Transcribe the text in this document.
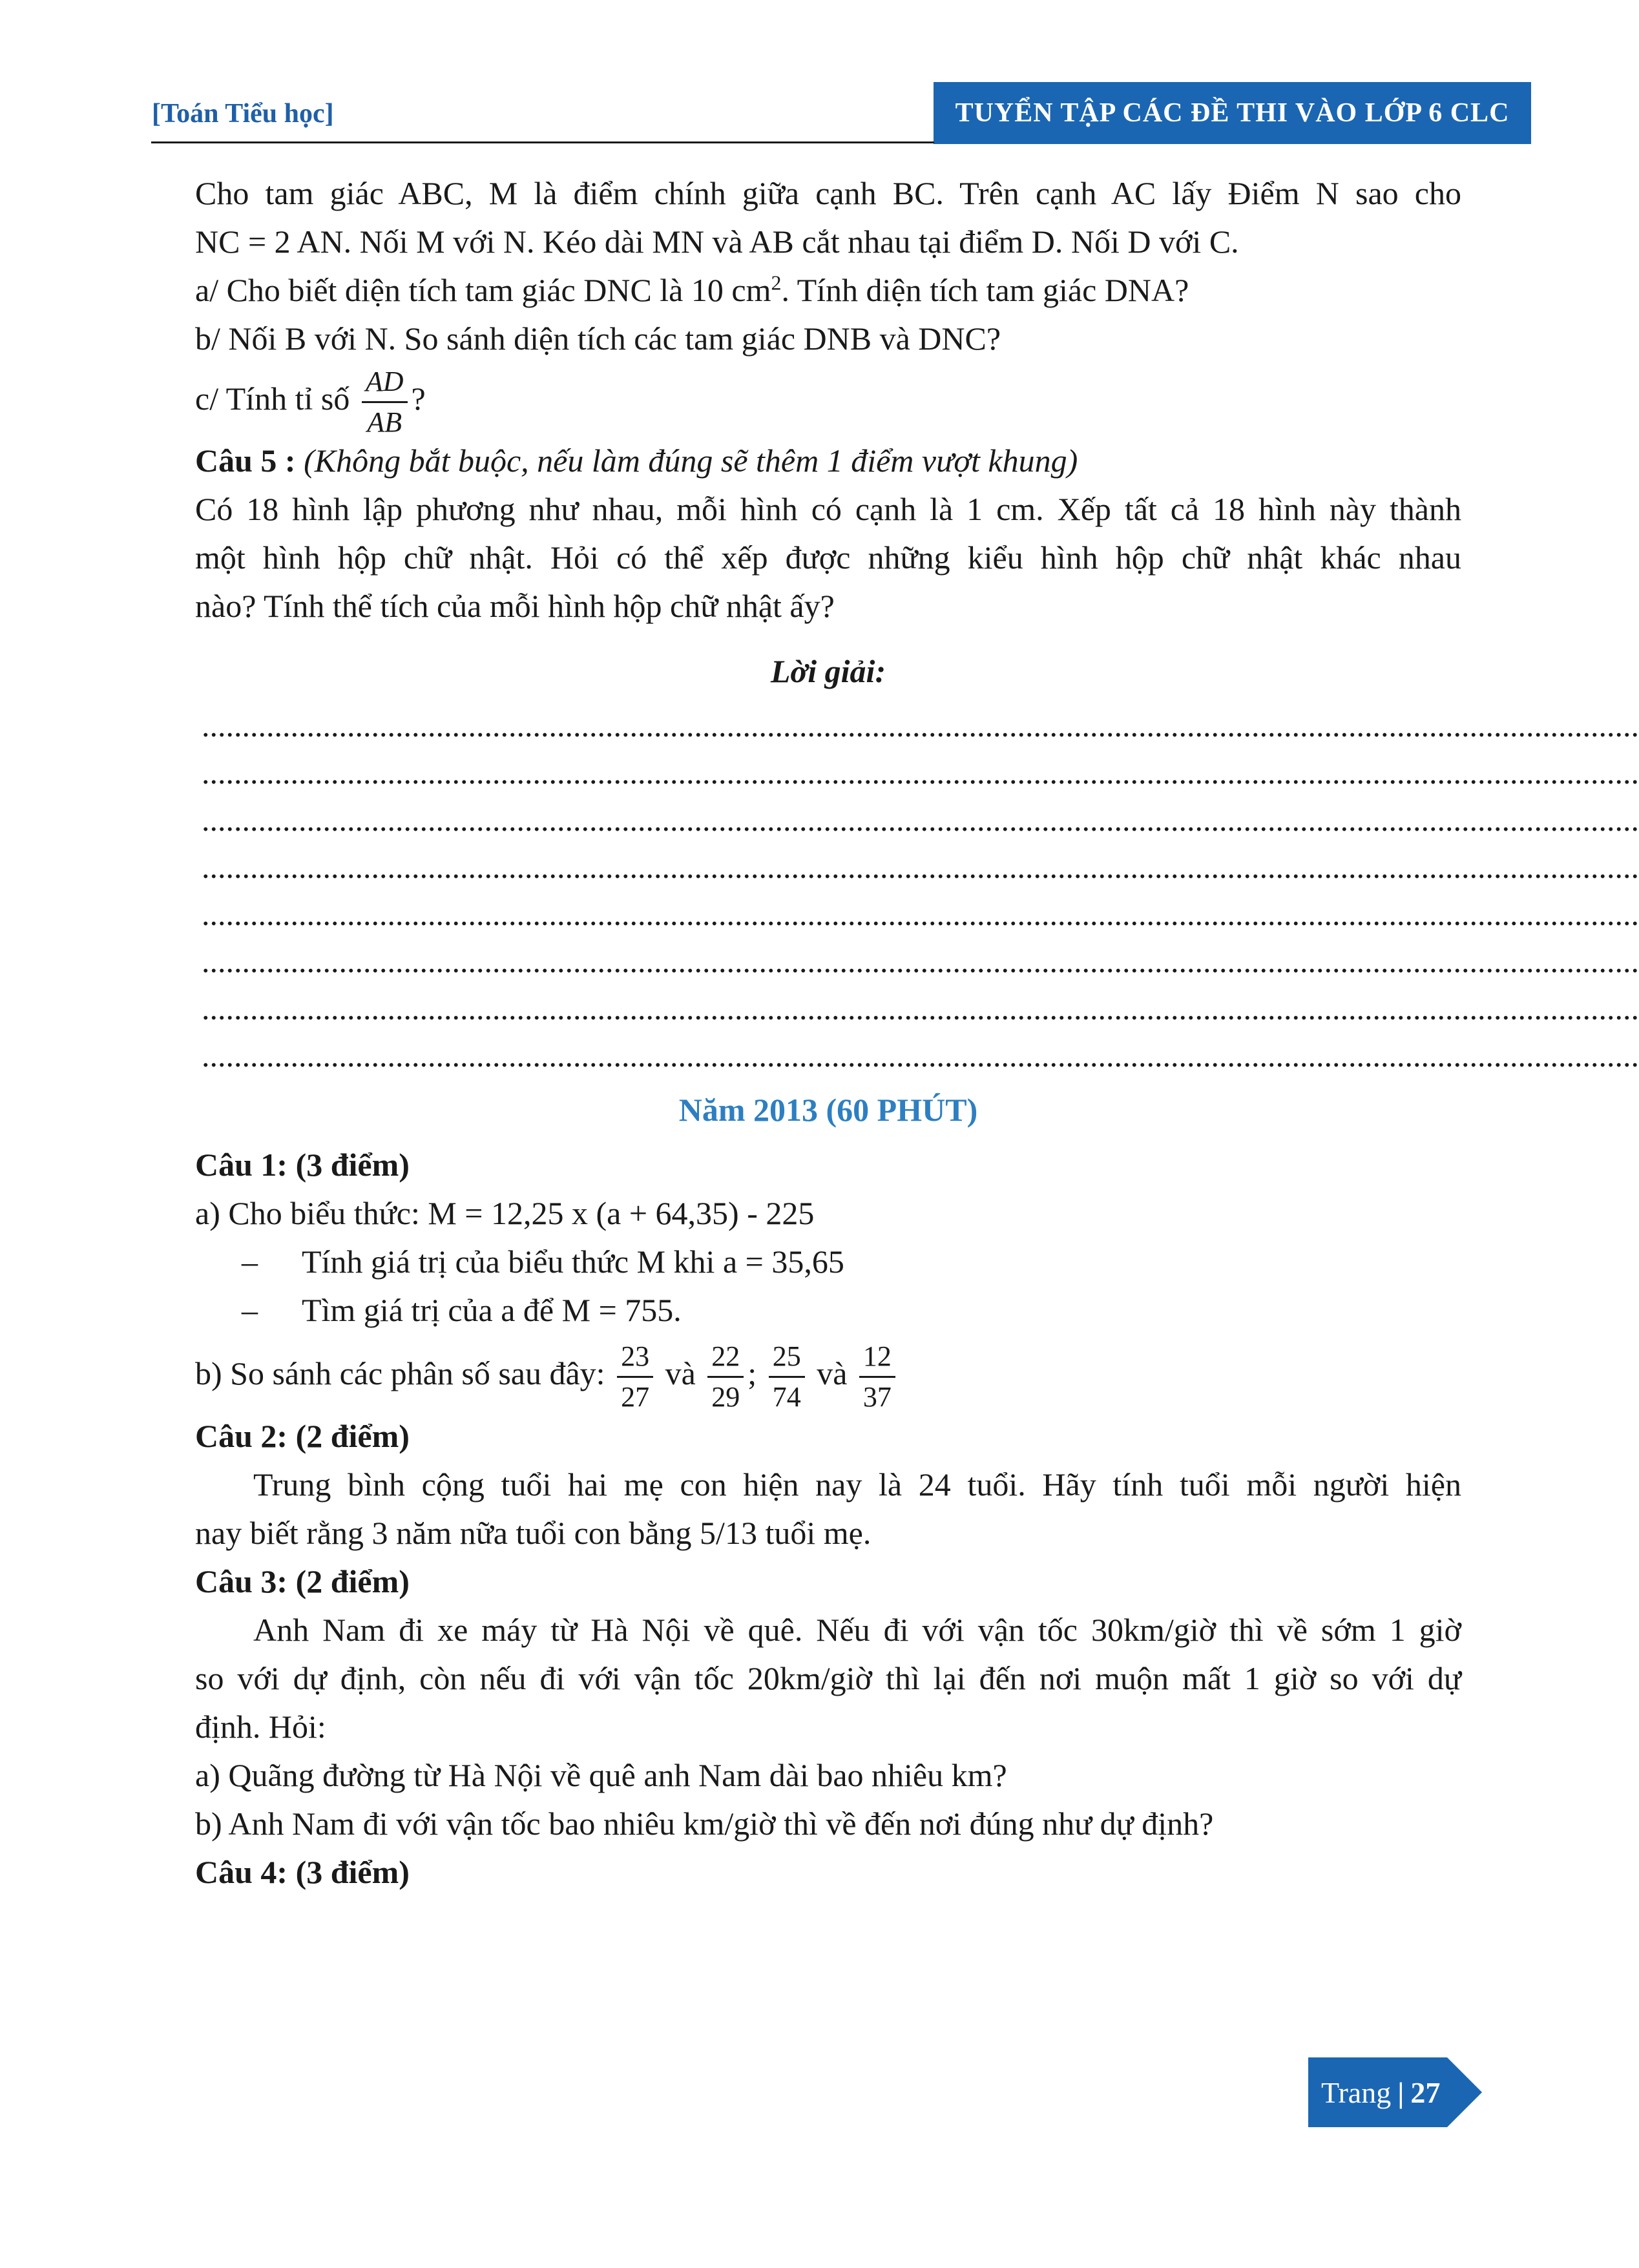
[Toán Tiểu học]	TUYỂN TẬP CÁC ĐỀ THI VÀO LỚP 6 CLC

Cho tam giác ABC, M là điểm chính giữa cạnh BC. Trên cạnh AC lấy Điểm N sao cho

NC = 2 AN. Nối M với N. Kéo dài MN và AB cắt nhau tại điểm D. Nối D với C.

a/ Cho biết diện tích tam giác DNC là 10 $cm^2$. Tính diện tích tam giác DNA?

b/ Nối B với N. So sánh diện tích các tam giác DNB và DNC?

c/ Tính tỉ số $\frac{AD}{AB}$ ?

Câu 5 : (Không bắt buộc, nếu làm đúng sẽ thêm 1 điểm vượt khung)

Có 18 hình lập phương như nhau, mỗi hình có cạnh là 1 cm. Xếp tất cả 18 hình này thành

một hình hộp chữ nhật. Hỏi có thể xếp được những kiểu hình hộp chữ nhật khác nhau

nào? Tính thể tích của mỗi hình hộp chữ nhật ấy?

Lời giải:

..................................................................................................................................................................................
..................................................................................................................................................................................
..................................................................................................................................................................................
..................................................................................................................................................................................
..................................................................................................................................................................................
..................................................................................................................................................................................
..................................................................................................................................................................................
..................................................................................................................................................................................

Năm 2013 (60 PHÚT)

Câu 1: (3 điểm)

a) Cho biểu thức: M = 12,25 x (a + 64,35) - 225

– Tính giá trị của biểu thức M khi a = 35,65

– Tìm giá trị của a để M = 755.

b) So sánh các phân số sau đây: $\frac{23}{27}$ và $\frac{22}{29}$ ; $\frac{25}{74}$ và $\frac{12}{37}$

Câu 2: (2 điểm)

Trung bình cộng tuổi hai mẹ con hiện nay là 24 tuổi. Hãy tính tuổi mỗi người hiện

nay biết rằng 3 năm nữa tuổi con bằng 5/13 tuổi mẹ.

Câu 3: (2 điểm)

Anh Nam đi xe máy từ Hà Nội về quê. Nếu đi với vận tốc 30km/giờ thì về sớm 1 giờ

so với dự định, còn nếu đi với vận tốc 20km/giờ thì lại đến nơi muộn mất 1 giờ so với dự

định. Hỏi:

a) Quãng đường từ Hà Nội về quê anh Nam dài bao nhiêu km?

b) Anh Nam đi với vận tốc bao nhiêu km/giờ thì về đến nơi đúng như dự định?

Câu 4: (3 điểm)

Trang | 27
